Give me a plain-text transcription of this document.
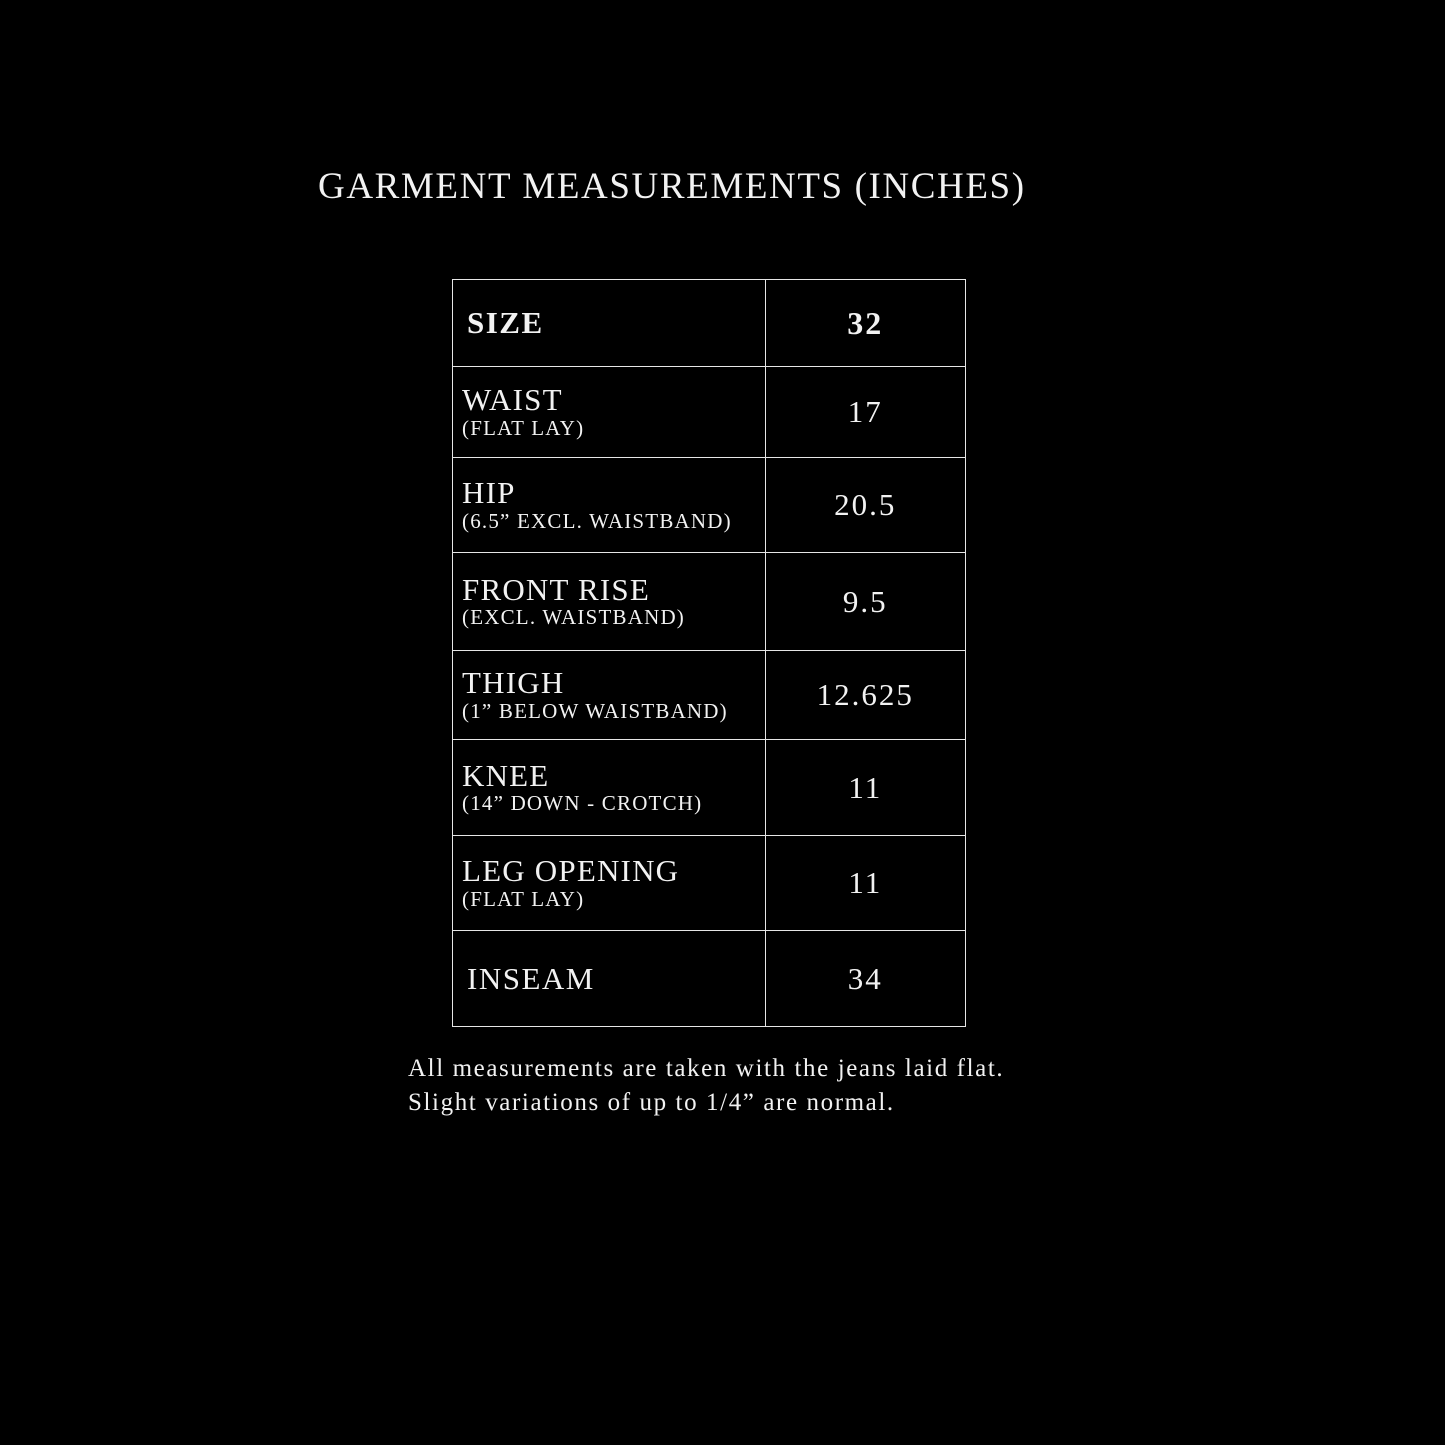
GARMENT MEASUREMENTS (INCHES)
SIZE	32

WAIST
(FLAT LAY)	17

HIP
(6.5” EXCL. WAISTBAND)	20.5

FRONT RISE
(EXCL. WAISTBAND)	9.5

THIGH
(1” BELOW WAISTBAND)	12.625

KNEE
(14” DOWN - CROTCH)	11

LEG OPENING
(FLAT LAY)	11
INSEAM	34
All measurements are taken with the jeans laid flat.
Slight variations of up to 1/4” are normal.
